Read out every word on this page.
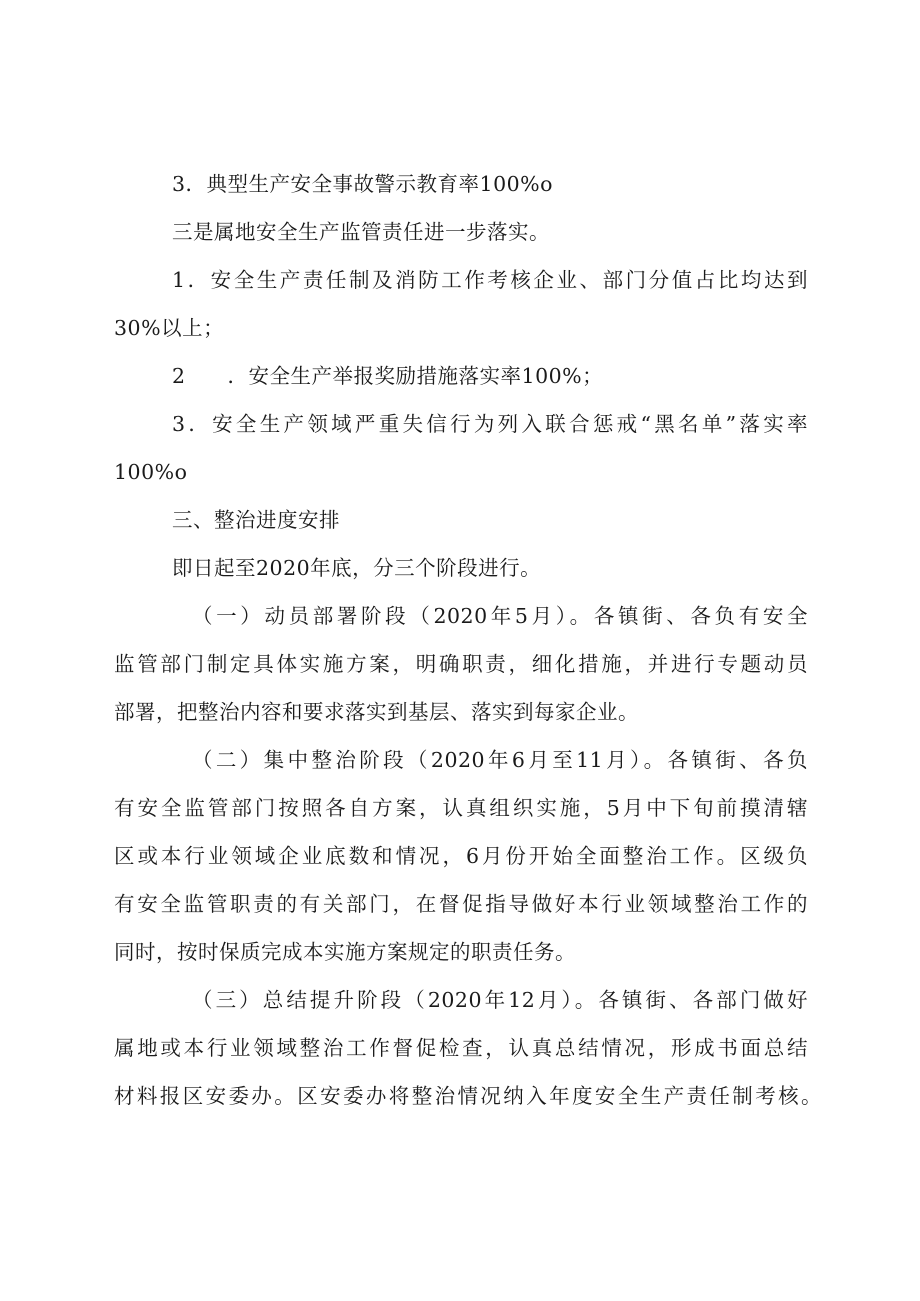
3．典型生产安全事故警示教育率100%o
三是属地安全生产监管责任进一步落实。
1．安全生产责任制及消防工作考核企业、部门分值占比均达到
30%以上；
2　　．安全生产举报奖励措施落实率100%；
3．安全生产领域严重失信行为列入联合惩戒“黑名单”落实率
100%o
三、整治进度安排
即日起至2020年底，分三个阶段进行。
（一）动员部署阶段（2020年5月）。各镇街、各负有安全
监管部门制定具体实施方案，明确职责，细化措施，并进行专题动员
部署，把整治内容和要求落实到基层、落实到每家企业。
（二）集中整治阶段（2020年6月至11月）。各镇街、各负
有安全监管部门按照各自方案，认真组织实施，5月中下旬前摸清辖
区或本行业领域企业底数和情况，6月份开始全面整治工作。区级负
有安全监管职责的有关部门，在督促指导做好本行业领域整治工作的
同时，按时保质完成本实施方案规定的职责任务。
（三）总结提升阶段（2020年12月）。各镇街、各部门做好
属地或本行业领域整治工作督促检查，认真总结情况，形成书面总结
材料报区安委办。区安委办将整治情况纳入年度安全生产责任制考核。
